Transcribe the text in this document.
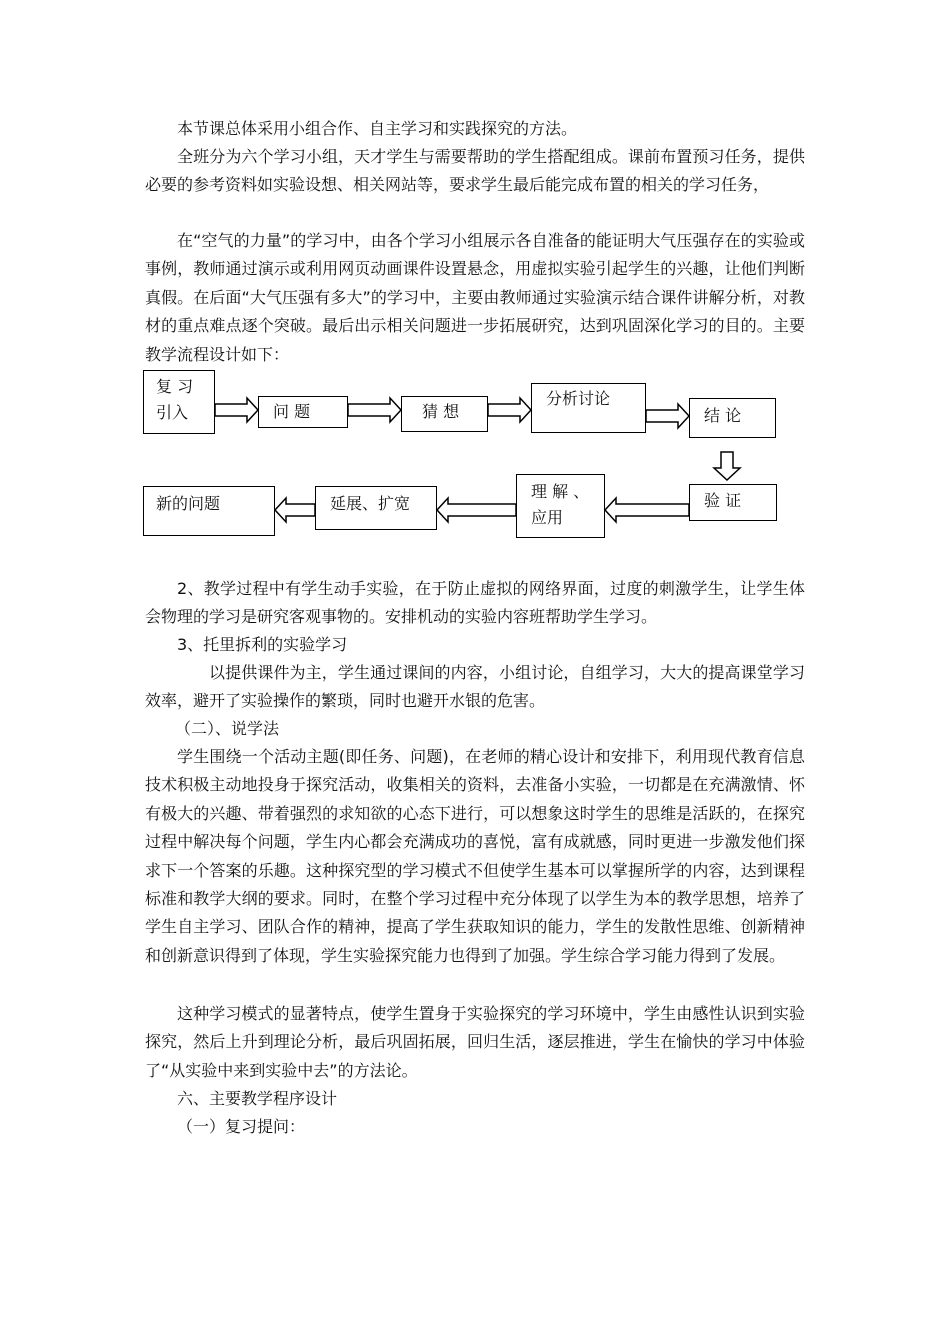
本节课总体采用小组合作、自主学习和实践探究的方法。

全班分为六个学习小组，天才学生与需要帮助的学生搭配组成。课前布置预习任务，提供必要的参考资料如实验设想、相关网站等，要求学生最后能完成布置的相关的学习任务，

在“空气的力量”的学习中，由各个学习小组展示各自准备的能证明大气压强存在的实验或事例，教师通过演示或利用网页动画课件设置悬念，用虚拟实验引起学生的兴趣，让他们判断真假。在后面“大气压强有多大”的学习中，主要由教师通过实验演示结合课件讲解分析，对教材的重点难点逐个突破。最后出示相关问题进一步拓展研究，达到巩固深化学习的目的。主要教学流程设计如下：

复 习
引入	问 题	猜 想
分析讨论
结 论
验 证
理 解 、
应用
延展、扩宽
新的问题

2、教学过程中有学生动手实验，在于防止虚拟的网络界面，过度的刺激学生，让学生体会物理的学习是研究客观事物的。安排机动的实验内容班帮助学生学习。

3、托里拆利的实验学习

以提供课件为主，学生通过课间的内容，小组讨论，自组学习，大大的提高课堂学习效率，避开了实验操作的繁琐，同时也避开水银的危害。

（二）、说学法

学生围绕一个活动主题(即任务、问题)，在老师的精心设计和安排下，利用现代教育信息技术积极主动地投身于探究活动，收集相关的资料，去准备小实验，一切都是在充满激情、怀有极大的兴趣、带着强烈的求知欲的心态下进行，可以想象这时学生的思维是活跃的，在探究过程中解决每个问题，学生内心都会充满成功的喜悦，富有成就感，同时更进一步激发他们探求下一个答案的乐趣。这种探究型的学习模式不但使学生基本可以掌握所学的内容，达到课程标准和教学大纲的要求。同时，在整个学习过程中充分体现了以学生为本的教学思想，培养了学生自主学习、团队合作的精神，提高了学生获取知识的能力，学生的发散性思维、创新精神和创新意识得到了体现，学生实验探究能力也得到了加强。学生综合学习能力得到了发展。

这种学习模式的显著特点，使学生置身于实验探究的学习环境中，学生由感性认识到实验探究，然后上升到理论分析，最后巩固拓展，回归生活，逐层推进，学生在愉快的学习中体验了“从实验中来到实验中去”的方法论。

六、主要教学程序设计

（一）复习提问：
